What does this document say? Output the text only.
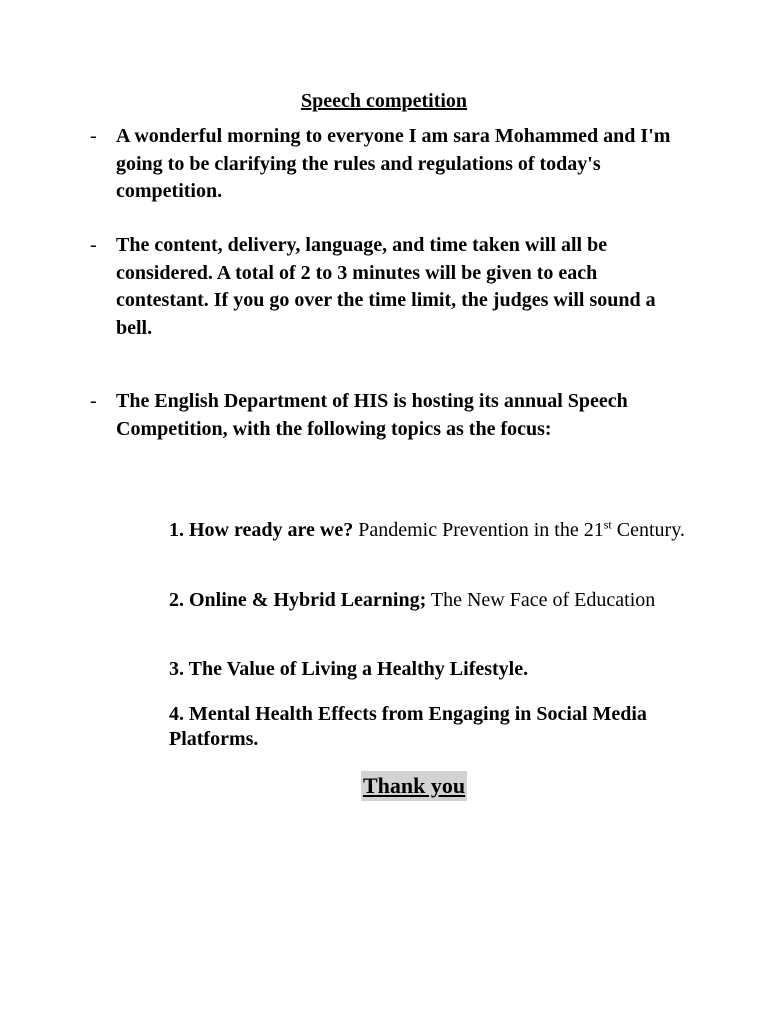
Speech competition
- A wonderful morning to everyone I am sara Mohammed and I'm going to be clarifying the rules and regulations of today's competition.
- The content, delivery, language, and time taken will all be considered. A total of 2 to 3 minutes will be given to each contestant. If you go over the time limit, the judges will sound a bell.
- The English Department of HIS is hosting its annual Speech Competition, with the following topics as the focus:
1. How ready are we? Pandemic Prevention in the 21st Century.
2. Online & Hybrid Learning; The New Face of Education
3. The Value of Living a Healthy Lifestyle.
4. Mental Health Effects from Engaging in Social Media Platforms.
Thank you
